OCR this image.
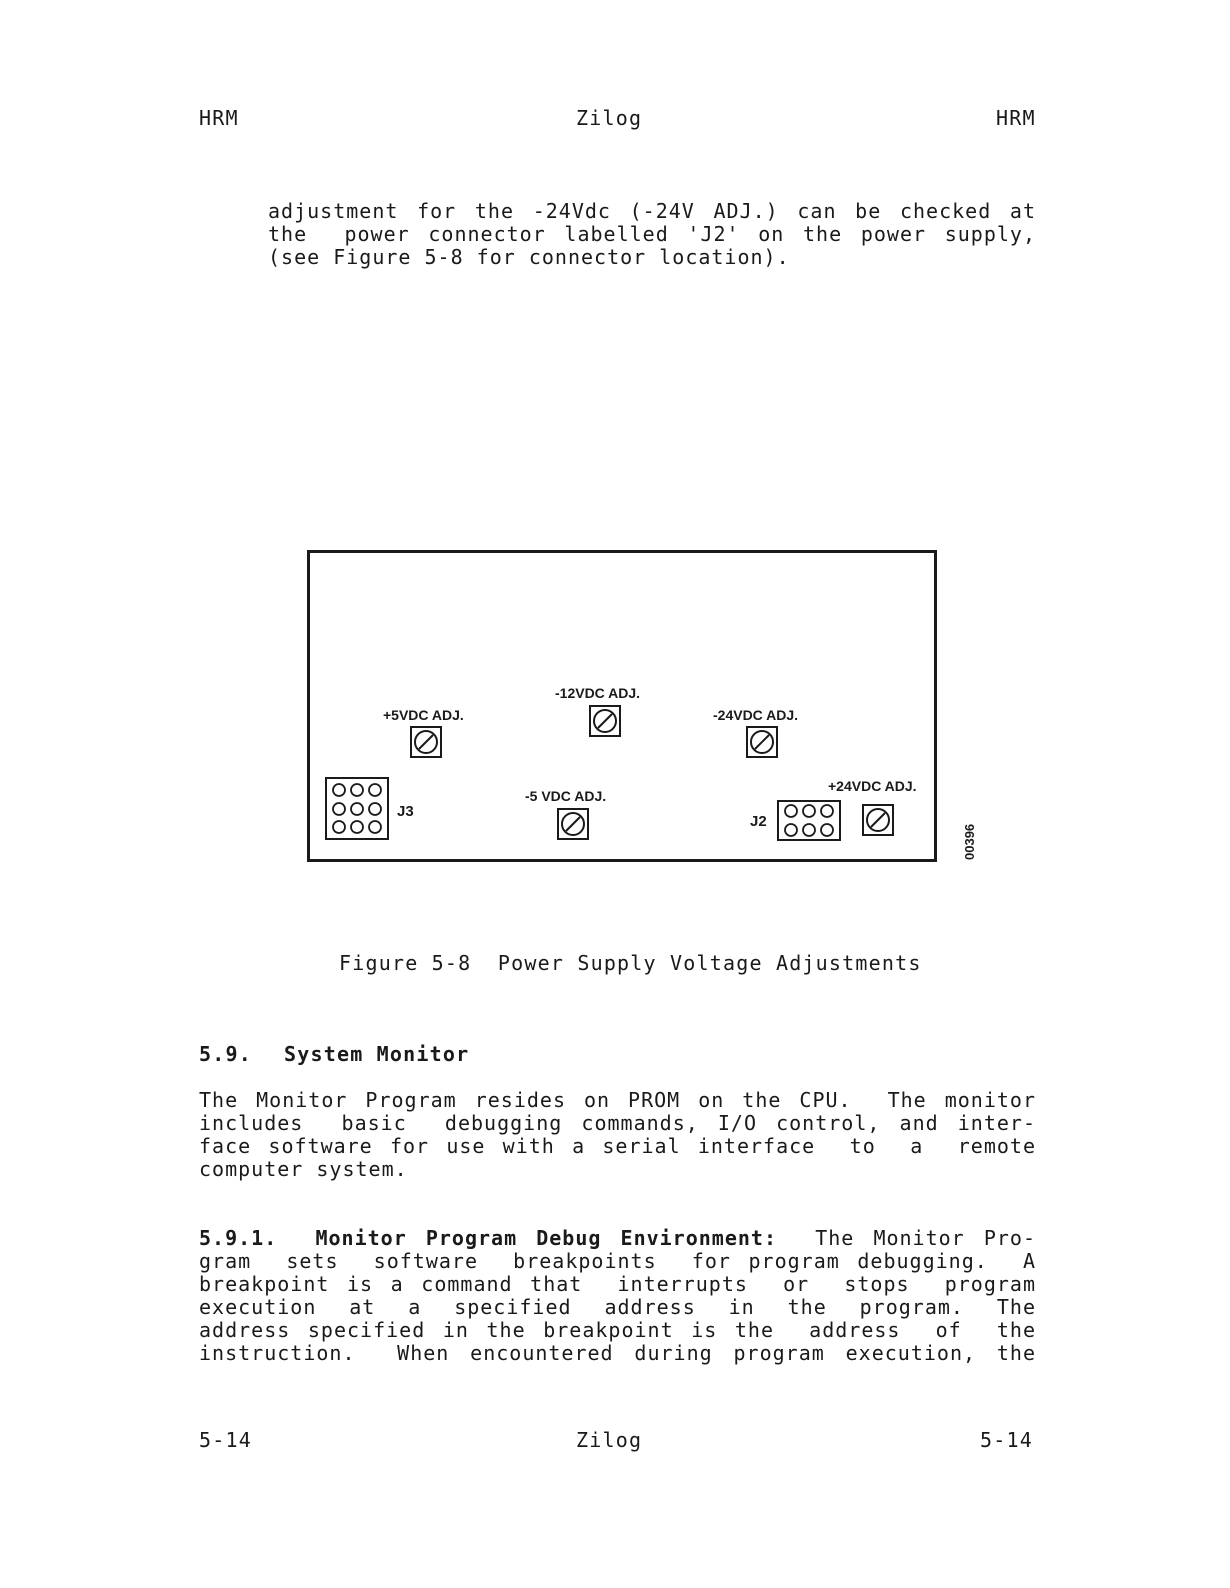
HRM	Zilog	HRM
adjustment for the -24Vdc (-24V ADJ.) can be checked at
the  power connector labelled 'J2' on the power supply,
(see Figure 5-8 for connector location).
+5VDC ADJ.
-12VDC ADJ.
-24VDC ADJ.
-5 VDC ADJ.
+24VDC ADJ.
J3
J2
00396
Figure 5-8  Power Supply Voltage Adjustments
5.9. System Monitor
The Monitor Program resides on PROM on the CPU.  The monitor
includes  basic  debugging commands, I/O control, and inter-
face software for use with a serial interface  to  a  remote
computer system.
5.9.1. Monitor Program Debug Environment: The Monitor Pro-
gram  sets  software  breakpoints  for program debugging.  A
breakpoint is a command that  interrupts  or  stops  program
execution  at  a  specified  address  in  the  program.  The
address specified in the breakpoint is the  address  of  the
instruction.  When encountered during program execution, the
5-14	Zilog	5-14
